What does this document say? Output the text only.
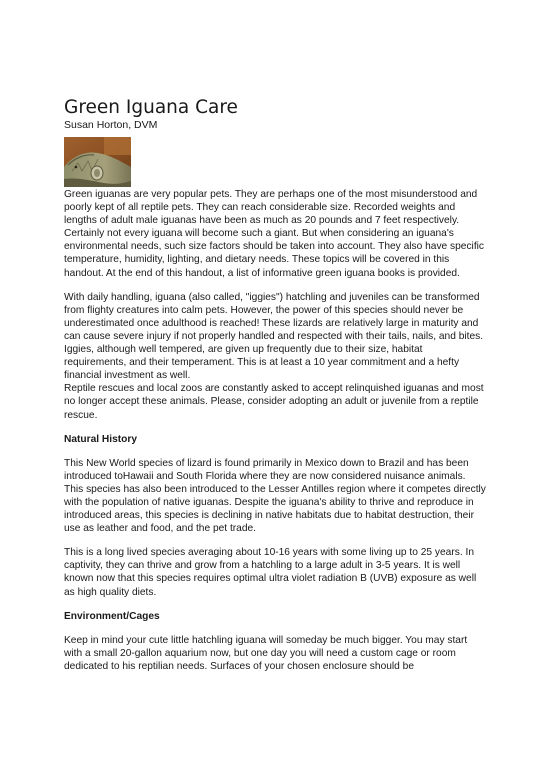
Green Iguana Care
Susan Horton, DVM

Green iguanas are very popular pets. They are perhaps one of the most misunderstood and poorly kept of all reptile pets. They can reach considerable size. Recorded weights and lengths of adult male iguanas have been as much as 20 pounds and 7 feet respectively. Certainly not every iguana will become such a giant. But when considering an iguana's environmental needs, such size factors should be taken into account. They also have specific temperature, humidity, lighting, and dietary needs. These topics will be covered in this handout. At the end of this handout, a list of informative green iguana books is provided.

With daily handling, iguana (also called, "iggies") hatchling and juveniles can be transformed from flighty creatures into calm pets. However, the power of this species should never be underestimated once adulthood is reached! These lizards are relatively large in maturity and can cause severe injury if not properly handled and respected with their tails, nails, and bites. Iggies, although well tempered, are given up frequently due to their size, habitat requirements, and their temperament. This is at least a 10 year commitment and a hefty financial investment as well.

Reptile rescues and local zoos are constantly asked to accept relinquished iguanas and most no longer accept these animals. Please, consider adopting an adult or juvenile from a reptile rescue.

Natural History

This New World species of lizard is found primarily in Mexico down to Brazil and has been introduced toHawaii and South Florida where they are now considered nuisance animals. This species has also been introduced to the Lesser Antilles region where it competes directly with the population of native iguanas. Despite the iguana's ability to thrive and reproduce in introduced areas, this species is declining in native habitats due to habitat destruction, their use as leather and food, and the pet trade.

This is a long lived species averaging about 10-16 years with some living up to 25 years. In captivity, they can thrive and grow from a hatchling to a large adult in 3-5 years. It is well known now that this species requires optimal ultra violet radiation B (UVB) exposure as well as high quality diets.

Environment/Cages

Keep in mind your cute little hatchling iguana will someday be much bigger. You may start with a small 20-gallon aquarium now, but one day you will need a custom cage or room dedicated to his reptilian needs. Surfaces of your chosen enclosure should be
